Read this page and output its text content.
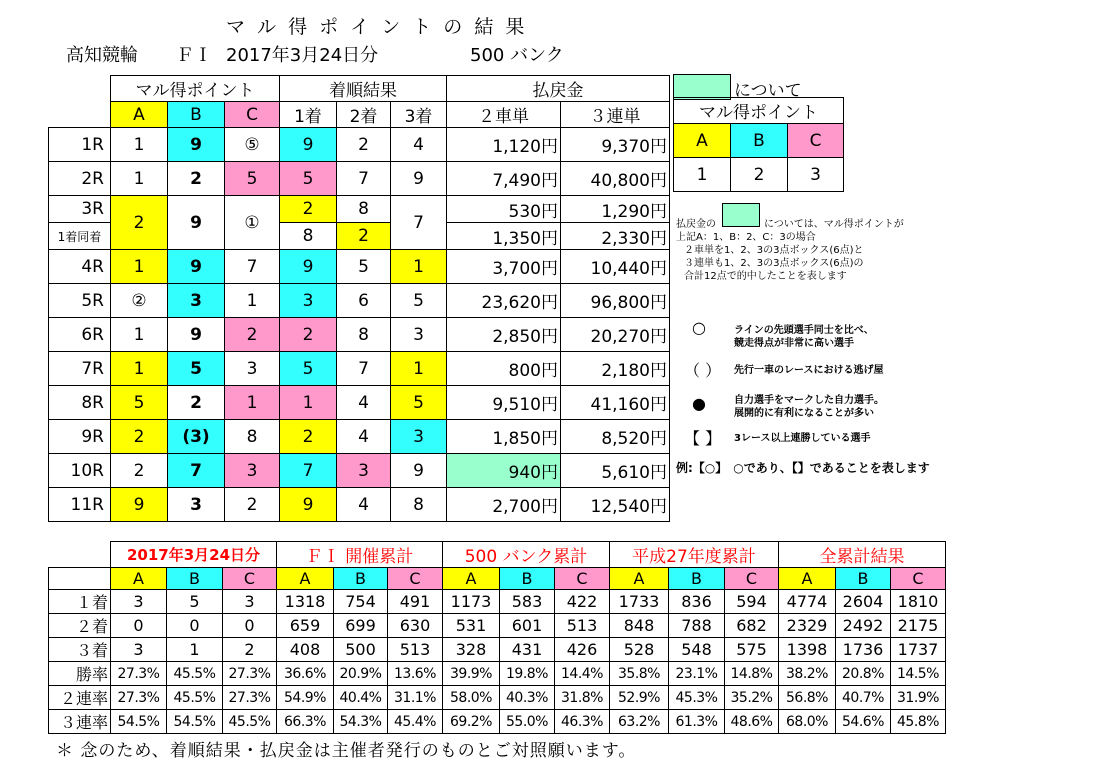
マ ル 得 ポ イ ン ト の 結 果
高知競輪 ＦＩ 2017年3月24日分	500 バンク
	マル得ポイント			着順結果			払戻金	
	A	B	C	1着	2着	3着	２車単	３連単
1R	1	9	⑤	9	2	4	1,120円	9,370円
2R	1	2	5	5	7	9	7,490円	40,800円
3R	2	9	①	2	8	7	530円	1,290円
1着同着				8	2		1,350円	2,330円
4R	1	9	7	9	5	1	3,700円	10,440円
5R	②	3	1	3	6	5	23,620円	96,800円
6R	1	9	2	2	8	3	2,850円	20,270円
7R	1	5	3	5	7	1	800円	2,180円
8R	5	2	1	1	4	5	9,510円	41,160円
9R	2	(3)	8	2	4	3	1,850円	8,520円
10R	2	7	3	7	3	9	940円	5,610円
11R	9	3	2	9	4	8	2,700円	12,540円
について
マル得ポイント		
A	B	C
1	2	3
払戻金の	については、マル得ポイントが
上記A：1、B：2、C：3の場合
２車単を1、2、3の3点ボックス(6点)と
３連単も1、2、3の3点ボックス(6点)の
合計12点で的中したことを表します
○	ラインの先頭選手同士を比べ、
競走得点が非常に高い選手
（ ） 先行一車のレースにおける逃げ屋
●	自力選手をマークした自力選手。
展開的に有利になることが多い
【 】 3レース以上連勝している選手
例:【○】　○であり、【】であることを表します
	2017年3月24日分			ＦＩ 開催累計			500 バンク累計			平成27年度累計			全累計結果		
	A	B	C	A	B	C	A	B	C	A	B	C	A	B	C
１着	3	5	3	1318	754	491	1173	583	422	1733	836	594	4774	2604	1810
２着	0	0	0	659	699	630	531	601	513	848	788	682	2329	2492	2175
３着	3	1	2	408	500	513	328	431	426	528	548	575	1398	1736	1737
勝率	27.3%	45.5%	27.3%	36.6%	20.9%	13.6%	39.9%	19.8%	14.4%	35.8%	23.1%	14.8%	38.2%	20.8%	14.5%
２連率	27.3%	45.5%	27.3%	54.9%	40.4%	31.1%	58.0%	40.3%	31.8%	52.9%	45.3%	35.2%	56.8%	40.7%	31.9%
３連率	54.5%	54.5%	45.5%	66.3%	54.3%	45.4%	69.2%	55.0%	46.3%	63.2%	61.3%	48.6%	68.0%	54.6%	45.8%
＊ 念のため、着順結果・払戻金は主催者発行のものとご対照願います。
